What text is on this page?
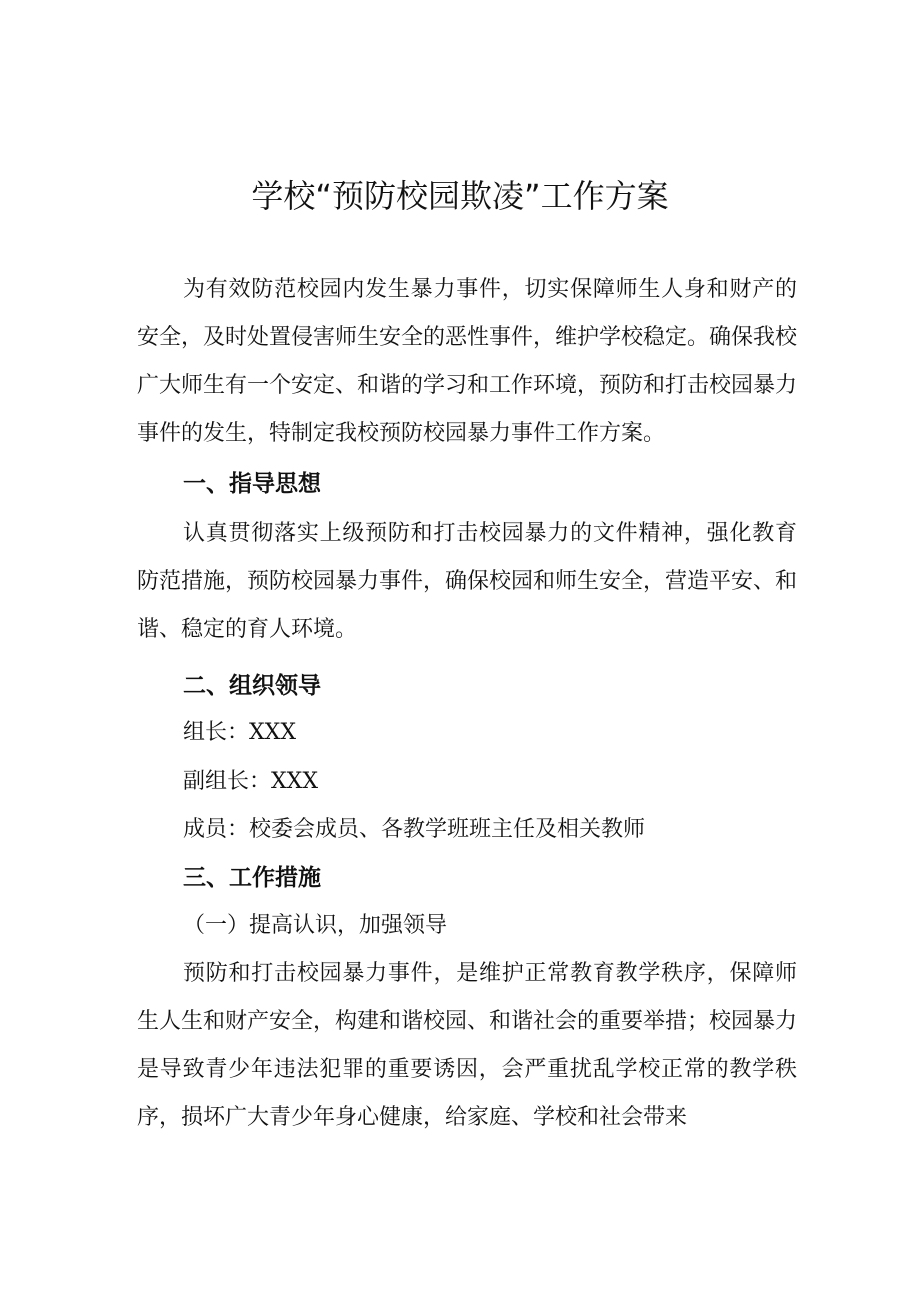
学校“预防校园欺凌”工作方案

为有效防范校园内发生暴力事件，切实保障师生人身和财产的安全，及时处置侵害师生安全的恶性事件，维护学校稳定。确保我校广大师生有一个安定、和谐的学习和工作环境，预防和打击校园暴力事件的发生，特制定我校预防校园暴力事件工作方案。

一、指导思想

认真贯彻落实上级预防和打击校园暴力的文件精神，强化教育防范措施，预防校园暴力事件，确保校园和师生安全，营造平安、和谐、稳定的育人环境。

二、组织领导
组长：XXX
副组长：XXX
成员：校委会成员、各教学班班主任及相关教师
三、工作措施
（一）提高认识，加强领导

预防和打击校园暴力事件，是维护正常教育教学秩序，保障师生人生和财产安全，构建和谐校园、和谐社会的重要举措；校园暴力是导致青少年违法犯罪的重要诱因，会严重扰乱学校正常的教学秩序，损坏广大青少年身心健康，给家庭、学校和社会带来
